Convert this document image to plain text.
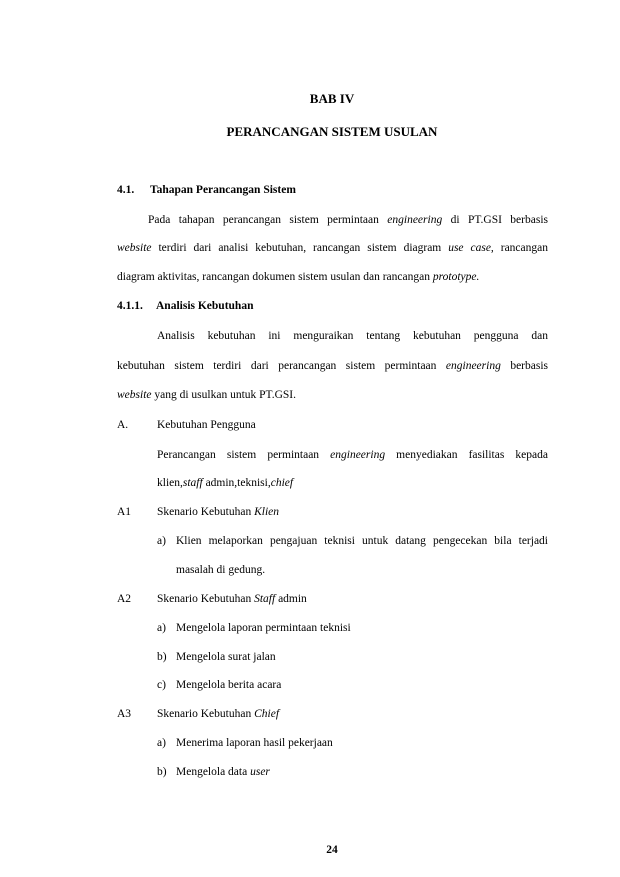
BAB IV
PERANCANGAN SISTEM USULAN
4.1. Tahapan Perancangan Sistem
Pada tahapan perancangan sistem permintaan engineering di PT.GSI berbasis
website terdiri dari analisi kebutuhan, rancangan sistem diagram use case, rancangan
diagram aktivitas, rancangan dokumen sistem usulan dan rancangan prototype.
4.1.1. Analisis Kebutuhan
Analisis kebutuhan ini menguraikan tentang kebutuhan pengguna dan
kebutuhan sistem terdiri dari perancangan sistem permintaan engineering berbasis
website yang di usulkan untuk PT.GSI.
A.	Kebutuhan Pengguna
Perancangan sistem permintaan engineering menyediakan fasilitas kepada
klien,staff admin,teknisi,chief
A1 Skenario Kebutuhan Klien
a) Klien melaporkan pengajuan teknisi untuk datang pengecekan bila terjadi
masalah di gedung.
A2 Skenario Kebutuhan Staff admin
a) Mengelola laporan permintaan teknisi
b) Mengelola surat jalan
c) Mengelola berita acara
A3 Skenario Kebutuhan Chief
a) Menerima laporan hasil pekerjaan
b) Mengelola data user
24
